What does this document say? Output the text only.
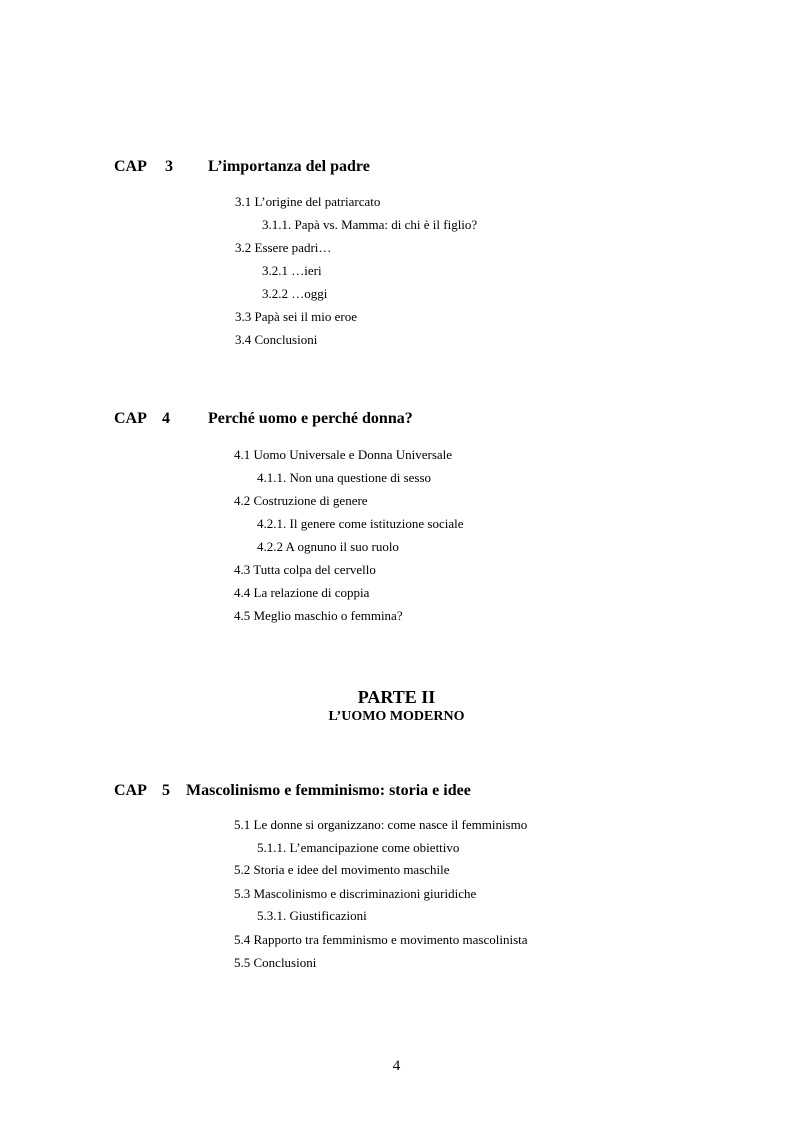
CAP 3 L’importanza del padre
3.1 L’origine del patriarcato
3.1.1. Papà vs. Mamma: di chi è il figlio?
3.2 Essere padri…
3.2.1 …ieri
3.2.2 …oggi
3.3 Papà sei il mio eroe
3.4 Conclusioni
CAP 4 Perché uomo e perché donna?
4.1 Uomo Universale e Donna Universale
4.1.1. Non una questione di sesso
4.2 Costruzione di genere
4.2.1. Il genere come istituzione sociale
4.2.2 A ognuno il suo ruolo
4.3 Tutta colpa del cervello
4.4 La relazione di coppia
4.5 Meglio maschio o femmina?
PARTE II
L’UOMO MODERNO
CAP 5 Mascolinismo e femminismo: storia e idee
5.1 Le donne si organizzano: come nasce il femminismo
5.1.1. L’emancipazione come obiettivo
5.2 Storia e idee del movimento maschile
5.3 Mascolinismo e discriminazioni giuridiche
5.3.1. Giustificazioni
5.4 Rapporto tra femminismo e movimento mascolinista
5.5 Conclusioni
4
